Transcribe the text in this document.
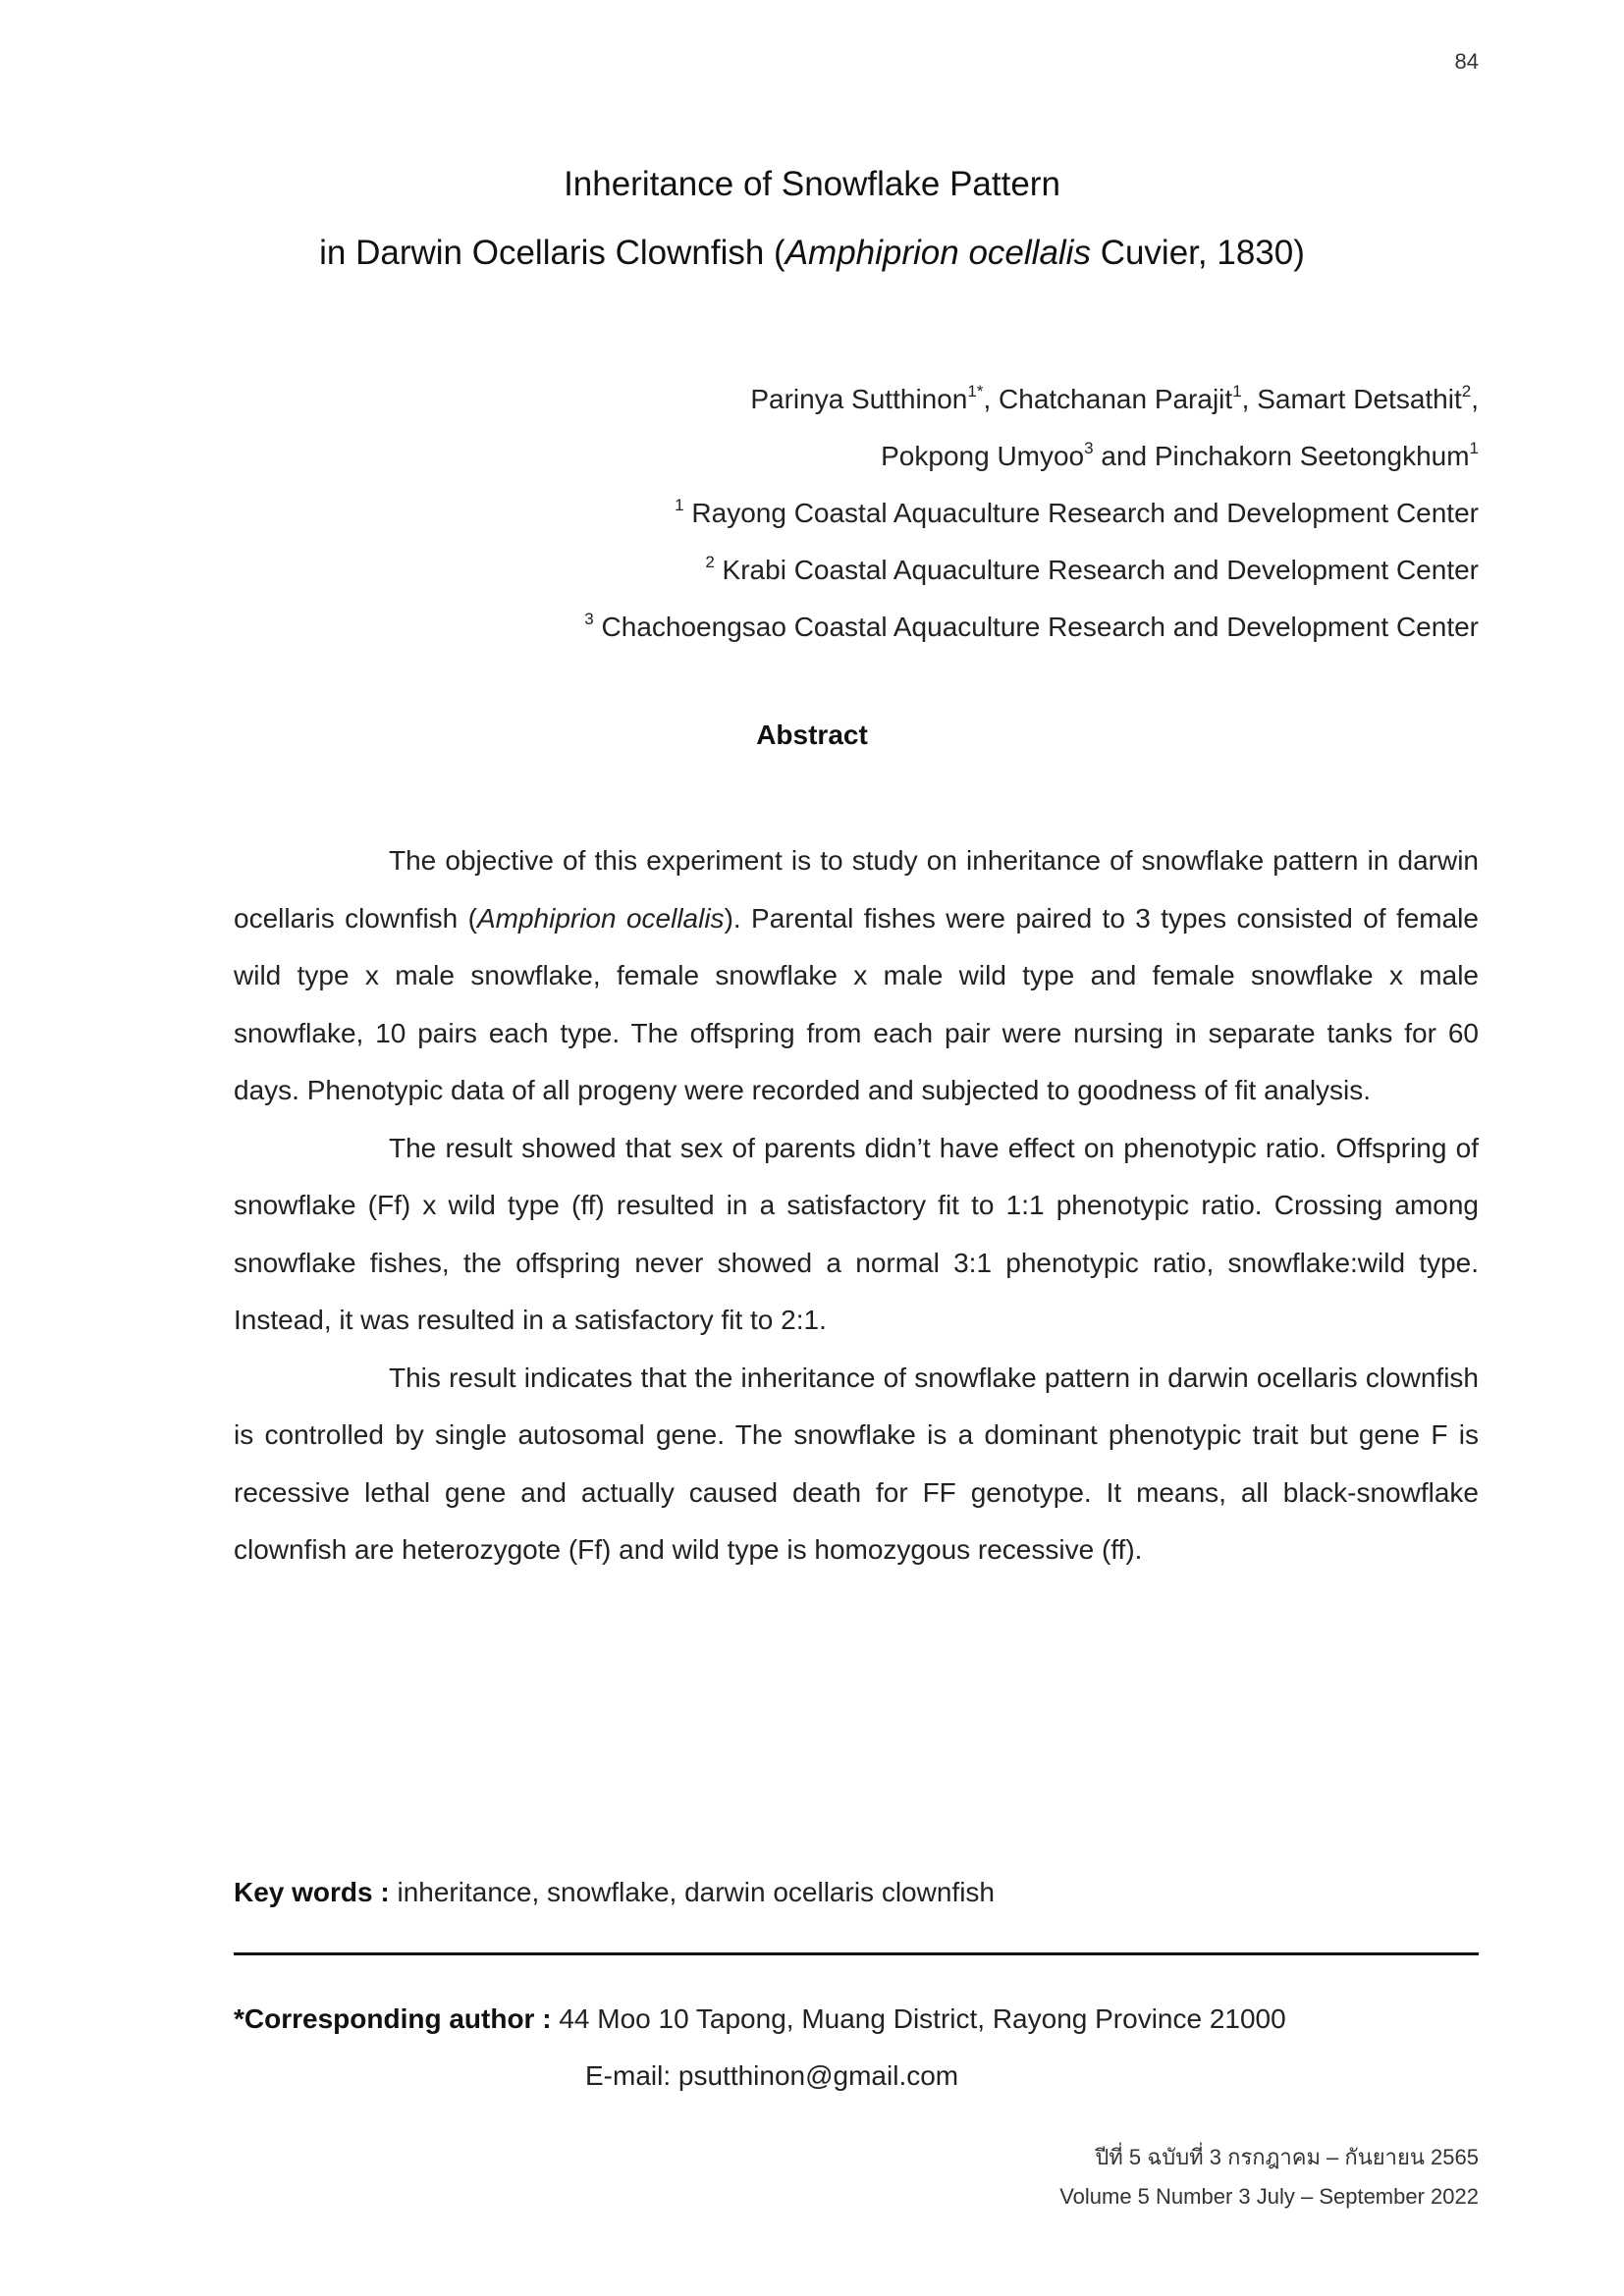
84
Inheritance of Snowflake Pattern
in Darwin Ocellaris Clownfish (Amphiprion ocellalis Cuvier, 1830)
Parinya Sutthinon$^{1*}$, Chatchanan Parajit$^1$, Samart Detsathit$^2$,
Pokpong Umyoo$^3$ and Pinchakorn Seetongkhum$^1$
$^1$ Rayong Coastal Aquaculture Research and Development Center
$^2$ Krabi Coastal Aquaculture Research and Development Center
$^3$ Chachoengsao Coastal Aquaculture Research and Development Center
Abstract

The objective of this experiment is to study on inheritance of snowflake pattern in darwin ocellaris clownfish (Amphiprion ocellalis). Parental fishes were paired to 3 types consisted of female wild type x male snowflake, female snowflake x male wild type and female snowflake x male snowflake, 10 pairs each type. The offspring from each pair were nursing in separate tanks for 60 days. Phenotypic data of all progeny were recorded and subjected to goodness of fit analysis.

The result showed that sex of parents didn’t have effect on phenotypic ratio. Offspring of snowflake (Ff) x wild type (ff) resulted in a satisfactory fit to 1:1 phenotypic ratio. Crossing among snowflake fishes, the offspring never showed a normal 3:1 phenotypic ratio, snowflake:wild type. Instead, it was resulted in a satisfactory fit to 2:1.

This result indicates that the inheritance of snowflake pattern in darwin ocellaris clownfish is controlled by single autosomal gene. The snowflake is a dominant phenotypic trait but gene F is recessive lethal gene and actually caused death for FF genotype. It means, all black-snowflake clownfish are heterozygote (Ff) and wild type is homozygous recessive (ff).

Key words : inheritance, snowflake, darwin ocellaris clownfish
*Corresponding author : 44 Moo 10 Tapong, Muang District, Rayong Province 21000
E-mail: psutthinon@gmail.com
ปีที่ 5 ฉบับที่ 3 กรกฎาคม – กันยายน 2565
Volume 5 Number 3 July – September 2022
